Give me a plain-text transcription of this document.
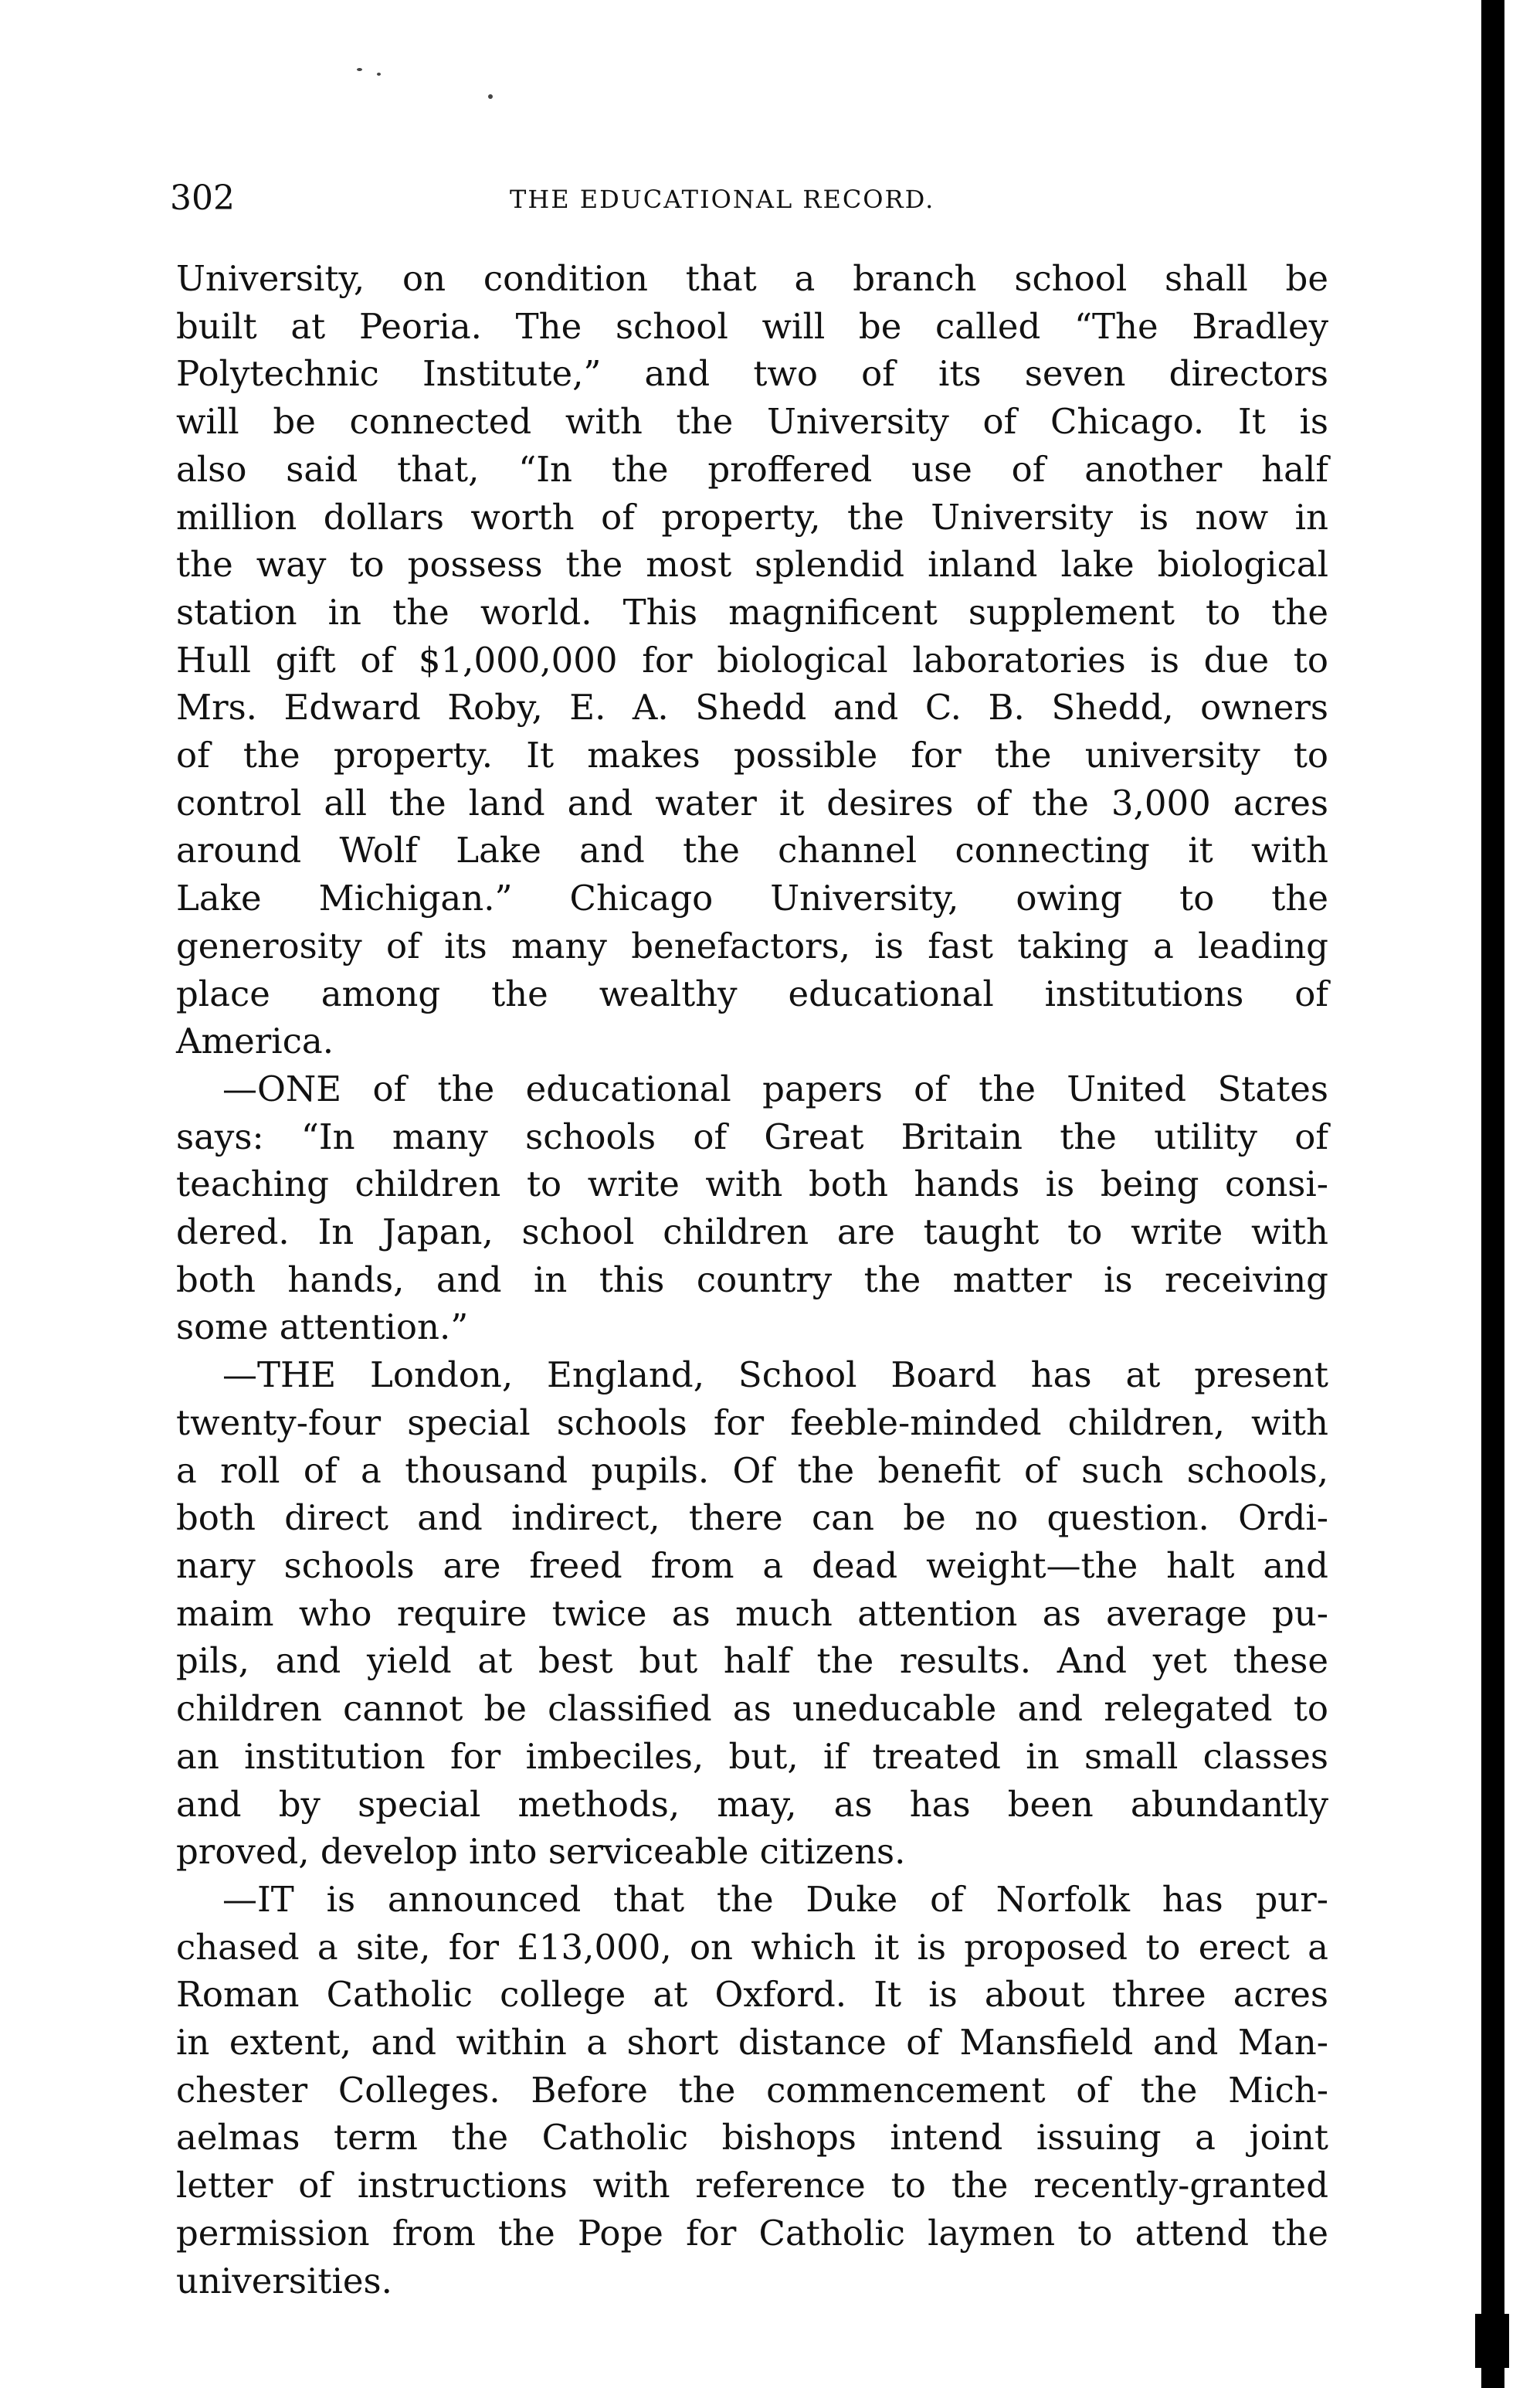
302	THE EDUCATIONAL RECORD.
University, on condition that a branch school shall be
built at Peoria. The school will be called “The Bradley
Polytechnic Institute,” and two of its seven directors
will be connected with the University of Chicago. It is
also said that, “In the proffered use of another half
million dollars worth of property, the University is now in
the way to possess the most splendid inland lake biological
station in the world. This magnificent supplement to the
Hull gift of $1,000,000 for biological laboratories is due to
Mrs. Edward Roby, E. A. Shedd and C. B. Shedd, owners
of the property. It makes possible for the university to
control all the land and water it desires of the 3,000 acres
around Wolf Lake and the channel connecting it with
Lake Michigan.” Chicago University, owing to the
generosity of its many benefactors, is fast taking a leading
place among the wealthy educational institutions of
America.
—ONE of the educational papers of the United States
says: “In many schools of Great Britain the utility of
teaching children to write with both hands is being consi-
dered. In Japan, school children are taught to write with
both hands, and in this country the matter is receiving
some attention.”
—THE London, England, School Board has at present
twenty-four special schools for feeble-minded children, with
a roll of a thousand pupils. Of the benefit of such schools,
both direct and indirect, there can be no question. Ordi-
nary schools are freed from a dead weight—the halt and
maim who require twice as much attention as average pu-
pils, and yield at best but half the results. And yet these
children cannot be classified as uneducable and relegated to
an institution for imbeciles, but, if treated in small classes
and by special methods, may, as has been abundantly
proved, develop into serviceable citizens.
—IT is announced that the Duke of Norfolk has pur-
chased a site, for £13,000, on which it is proposed to erect a
Roman Catholic college at Oxford. It is about three acres
in extent, and within a short distance of Mansfield and Man-
chester Colleges. Before the commencement of the Mich-
aelmas term the Catholic bishops intend issuing a joint
letter of instructions with reference to the recently-granted
permission from the Pope for Catholic laymen to attend the
universities.
